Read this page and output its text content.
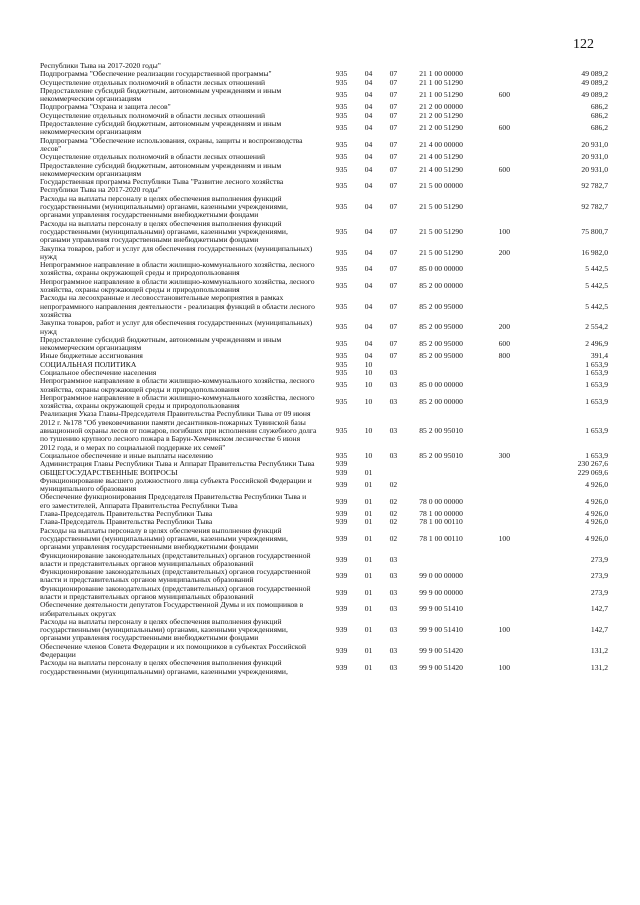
122
Республики Тыва на 2017-2020 годы"							
Подпрограмма "Обеспечение реализации государственной программы"		935	04	07	21 1 00 00000		49 089,2
Осуществление отдельных полномочий в области лесных отношений		935	04	07	21 1 00 51290		49 089,2
Предоставление субсидий бюджетным, автономным учреждениям и иным некоммерческим организациям		935	04	07	21 1 00 51290	600	49 089,2
Подпрограмма "Охрана и защита лесов"		935	04	07	21 2 00 00000		686,2
Осуществление отдельных полномочий в области лесных отношений		935	04	07	21 2 00 51290		686,2
Предоставление субсидий бюджетным, автономным учреждениям и иным некоммерческим организациям		935	04	07	21 2 00 51290	600	686,2
Подпрограмма "Обеспечение использования, охраны, защиты и воспроизводства лесов"		935	04	07	21 4 00 00000		20 931,0
Осуществление отдельных полномочий в области лесных отношений		935	04	07	21 4 00 51290		20 931,0
Предоставление субсидий бюджетным, автономным учреждениям и иным некоммерческим организациям		935	04	07	21 4 00 51290	600	20 931,0
Государственная программа Республики Тыва "Развитие лесного хозяйства Республики Тыва на 2017-2020 годы"		935	04	07	21 5 00 00000		92 782,7
Расходы на выплаты персоналу в целях обеспечения выполнения функций государственными (муниципальными) органами, казенными учреждениями, органами управления государственными внебюджетными фондами		935	04	07	21 5 00 51290		92 782,7
Расходы на выплаты персоналу в целях обеспечения выполнения функций государственными (муниципальными) органами, казенными учреждениями, органами управления государственными внебюджетными фондами		935	04	07	21 5 00 51290	100	75 800,7
Закупка товаров, работ и услуг для обеспечения государственных (муниципальных) нужд		935	04	07	21 5 00 51290	200	16 982,0
Непрограммное направление в области жилищно-коммунального хозяйства, лесного хозяйства, охраны окружающей среды и природопользования		935	04	07	85 0 00 00000		5 442,5
Непрограммное направление в области жилищно-коммунального хозяйства, лесного хозяйства, охраны окружающей среды и природопользования		935	04	07	85 2 00 00000		5 442,5
Расходы на лесоохранные и лесовосстановительные мероприятия в рамках непрограммного направления деятельности - реализация функций в области лесного хозяйства		935	04	07	85 2 00 95000		5 442,5
Закупка товаров, работ и услуг для обеспечения государственных (муниципальных) нужд		935	04	07	85 2 00 95000	200	2 554,2
Предоставление субсидий бюджетным, автономным учреждениям и иным некоммерческим организациям		935	04	07	85 2 00 95000	600	2 496,9
Иные бюджетные ассигнования		935	04	07	85 2 00 95000	800	391,4
СОЦИАЛЬНАЯ ПОЛИТИКА		935	10				1 653,9
Социальное обеспечение населения		935	10	03			1 653,9
Непрограммное направление в области жилищно-коммунального хозяйства, лесного хозяйства, охраны окружающей среды и природопользования		935	10	03	85 0 00 00000		1 653,9
Непрограммное направление в области жилищно-коммунального хозяйства, лесного хозяйства, охраны окружающей среды и природопользования		935	10	03	85 2 00 00000		1 653,9
Реализация Указа Главы-Председателя Правительства Республики Тыва от 09 июня 2012 г. №178 "Об увековечивании памяти десантников-пожарных Тувинской базы авиационной охраны лесов от пожаров, погибших при исполнении служебного долга по тушению крупного лесного пожара в Барун-Хемчикском лесничестве 6 июня 2012 года, и о мерах по социальной поддержке их семей"		935	10	03	85 2 00 95010		1 653,9
Социальное обеспечение и иные выплаты населению		935	10	03	85 2 00 95010	300	1 653,9
Администрация Главы Республики Тыва и Аппарат Правительства Республики Тыва		939					230 267,6
ОБЩЕГОСУДАРСТВЕННЫЕ ВОПРОСЫ		939	01				229 069,6
Функционирование высшего должностного лица субъекта Российской Федерации и муниципального образования		939	01	02			4 926,0
Обеспечение функционирования Председателя Правительства Республики Тыва и его заместителей, Аппарата Правительства Республики Тыва		939	01	02	78 0 00 00000		4 926,0
Глава-Председатель Правительства Республики Тыва		939	01	02	78 1 00 00000		4 926,0
Глава-Председатель Правительства Республики Тыва		939	01	02	78 1 00 00110		4 926,0
Расходы на выплаты персоналу в целях обеспечения выполнения функций государственными (муниципальными) органами, казенными учреждениями, органами управления государственными внебюджетными фондами		939	01	02	78 1 00 00110	100	4 926,0
Функционирование законодательных (представительных) органов государственной власти и представительных органов муниципальных образований		939	01	03			273,9
Функционирование законодательных (представительных) органов государственной власти и представительных органов муниципальных образований		939	01	03	99 0 00 00000		273,9
Функционирование законодательных (представительных) органов государственной власти и представительных органов муниципальных образований		939	01	03	99 9 00 00000		273,9
Обеспечение деятельности депутатов Государственной Думы и их помощников в избирательных округах		939	01	03	99 9 00 51410		142,7
Расходы на выплаты персоналу в целях обеспечения выполнения функций государственными (муниципальными) органами, казенными учреждениями, органами управления государственными внебюджетными фондами		939	01	03	99 9 00 51410	100	142,7
Обеспечение членов Совета Федерации и их помощников в субъектах Российской Федерации		939	01	03	99 9 00 51420		131,2
Расходы на выплаты персоналу в целях обеспечения выполнения функций государственными (муниципальными) органами, казенными учреждениями,		939	01	03	99 9 00 51420	100	131,2
